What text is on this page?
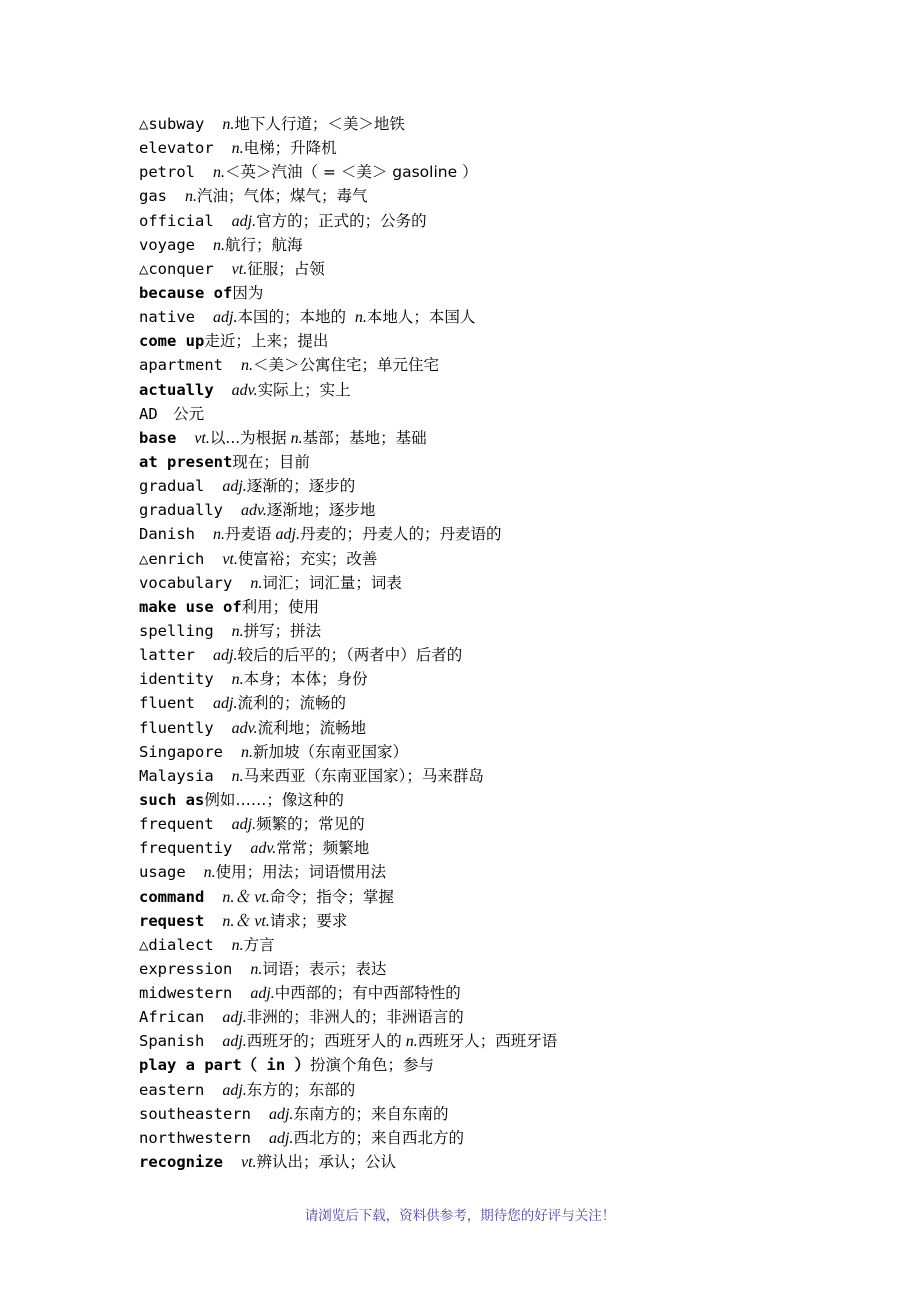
△subway n.地下人行道；＜美＞地铁
elevator n.电梯；升降机
petrol n.＜英＞汽油（ = ＜美＞ gasoline ）
gas n.汽油；气体；煤气；毒气
official adj.官方的；正式的；公务的
voyage n.航行；航海
△conquer vt.征服；占领
because of因为
native adj.本国的；本地的 n.本地人；本国人
come up走近；上来；提出
apartment n.＜美＞公寓住宅；单元住宅
actually adv.实际上；实上
AD　公元
base vt.以...为根据 n.基部；基地；基础
at present现在；目前
gradual adj.逐渐的；逐步的
gradually adv.逐渐地；逐步地
Danish n.丹麦语 adj.丹麦的；丹麦人的；丹麦语的
△enrich vt.使富裕；充实；改善
vocabulary n.词汇；词汇量；词表
make use of利用；使用
spelling n.拼写；拼法
latter adj.较后的后平的；（两者中）后者的
identity n.本身；本体；身份
fluent adj.流利的；流畅的
fluently adv.流利地；流畅地
Singapore n.新加坡（东南亚国家）
Malaysia n.马来西亚（东南亚国家）；马来群岛
such as例如……；像这种的
frequent adj.频繁的；常见的
frequentiy adv.常常；频繁地
usage n.使用；用法；词语惯用法
command n.＆ vt.命令；指令；掌握
request n.＆ vt.请求；要求
△dialect n.方言
expression n.词语；表示；表达
midwestern adj.中西部的；有中西部特性的
African adj.非洲的；非洲人的；非洲语言的
Spanish adj.西班牙的；西班牙人的 n.西班牙人；西班牙语
play a part（ in ）扮演个角色；参与
eastern adj.东方的；东部的
southeastern adj.东南方的；来自东南的
northwestern adj.西北方的；来自西北方的
recognize vt.辨认出；承认；公认
请浏览后下载，资料供参考，期待您的好评与关注！
